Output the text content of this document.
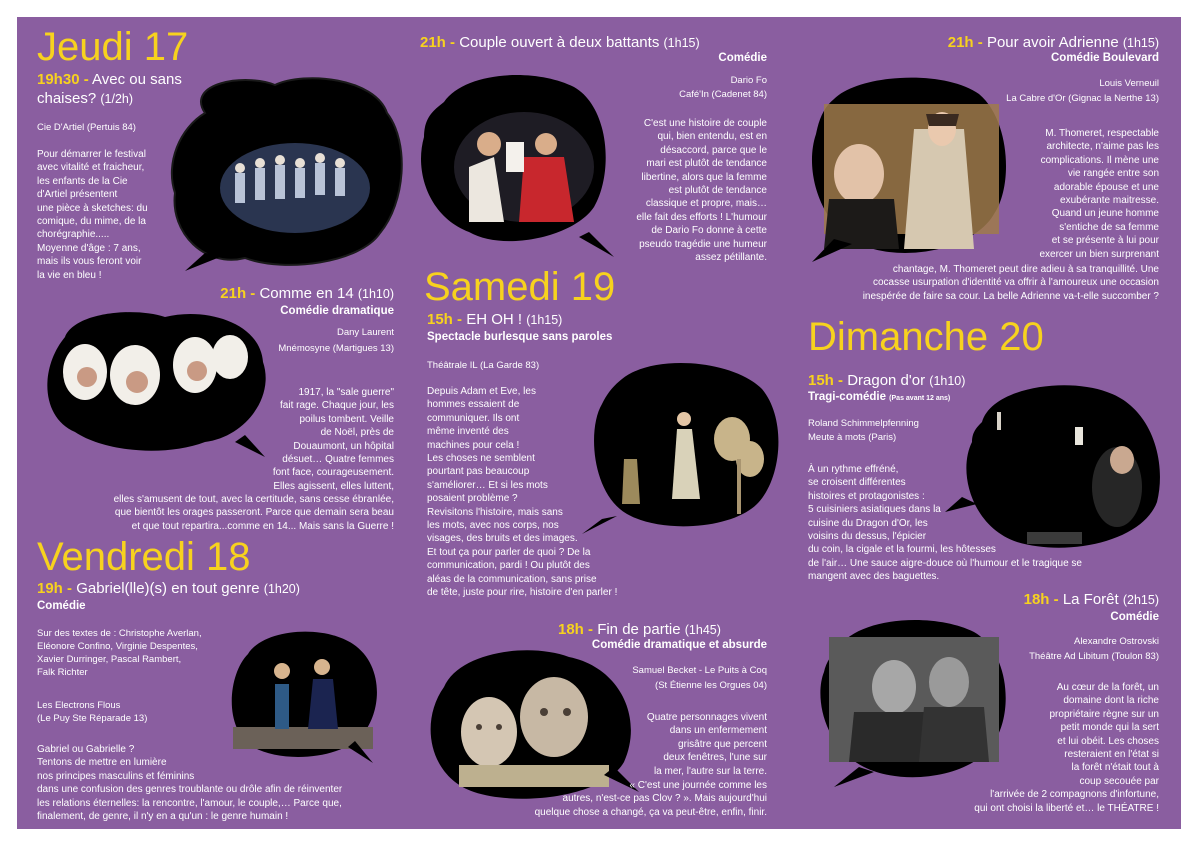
Jeudi 17
19h30 - Avec ou sans
chaises? (1/2h)
Cie D'Artiel (Pertuis 84)
Pour démarrer le festival
avec vitalité et fraicheur,
les enfants de la Cie
d'Artiel présentent
une pièce à sketches: du
comique, du mime, de la
chorégraphie.....
Moyenne d'âge : 7 ans,
mais ils vous feront voir
la vie en bleu !
21h - Comme en 14 (1h10)
Comédie dramatique
Dany Laurent
Mnémosyne (Martigues 13)
1917, la "sale guerre"
fait rage. Chaque jour, les
poilus tombent. Veille
de Noël, près de
Douaumont, un hôpital
désuet… Quatre femmes
font face, courageusement.
Elles agissent, elles luttent,
elles s'amusent de tout, avec la certitude, sans cesse ébranlée,
que bientôt les orages passeront. Parce que demain sera beau
et que tout repartira...comme en 14... Mais sans la Guerre !
Vendredi 18
19h - Gabriel(lle)(s) en tout genre (1h20)
Comédie
Sur des textes de : Christophe Averlan,
Eléonore Confino, Virginie Despentes,
Xavier Durringer, Pascal Rambert,
Falk Richter
Les Electrons Flous
(Le Puy Ste Réparade 13)
Gabriel ou Gabrielle ?
Tentons de mettre en lumière
nos principes masculins et féminins
dans une confusion des genres troublante ou drôle afin de réinventer
les relations éternelles: la rencontre, l'amour, le couple,… Parce que,
finalement, de genre, il n'y en a qu'un : le genre humain !
21h - Couple ouvert à deux battants (1h15)
Comédie
Dario Fo
Café'In (Cadenet 84)
C'est une histoire de couple
qui, bien entendu, est en
désaccord, parce que le
mari est plutôt de tendance
libertine, alors que la femme
est plutôt de tendance
classique et propre, mais…
elle fait des efforts ! L'humour
de Dario Fo donne à cette
pseudo tragédie une humeur
assez pétillante.
Samedi 19
15h - EH OH ! (1h15)
Spectacle burlesque sans paroles
Théâtrale IL (La Garde 83)
Depuis Adam et Eve, les
hommes essaient de
communiquer. Ils ont
même inventé des
machines pour cela !
Les choses ne semblent
pourtant pas beaucoup
s'améliorer… Et si les mots
posaient problème ?
Revisitons l'histoire, mais sans
les mots, avec nos corps, nos
visages, des bruits et des images.
Et tout ça pour parler de quoi ? De la
communication, pardi ! Ou plutôt des
aléas de la communication, sans prise
de tête, juste pour rire, histoire d'en parler !
18h - Fin de partie (1h45)
Comédie dramatique et absurde
Samuel Becket - Le Puits à Coq
(St Étienne les Orgues 04)
Quatre personnages vivent
dans un enfermement
grisâtre que percent
deux fenêtres, l'une sur
la mer, l'autre sur la terre.
« C'est une journée comme les
autres, n'est-ce pas Clov ? ». Mais aujourd'hui
quelque chose a changé, ça va peut-être, enfin, finir.
21h - Pour avoir Adrienne (1h15)
Comédie Boulevard
Louis Verneuil
La Cabre d'Or (Gignac la Nerthe 13)
M. Thomeret, respectable
architecte, n'aime pas les
complications. Il mène une
vie rangée entre son
adorable épouse et une
exubérante maitresse.
Quand un jeune homme
s'entiche de sa femme
et se présente à lui pour
exercer un bien surprenant
chantage, M. Thomeret peut dire adieu à sa tranquillité. Une
cocasse usurpation d'identité va offrir à l'amoureux une occasion
inespérée de faire sa cour. La belle Adrienne va-t-elle succomber ?
Dimanche 20
15h - Dragon d'or (1h10)
Tragi-comédie (Pas avant 12 ans)
Roland Schimmelpfenning
Meute à mots (Paris)
À un rythme effréné,
se croisent différentes
histoires et protagonistes :
5 cuisiniers asiatiques dans la
cuisine du Dragon d'Or, les
voisins du dessus, l'épicier
du coin, la cigale et la fourmi, les hôtesses
de l'air… Une sauce aigre-douce où l'humour et le tragique se
mangent avec des baguettes.
18h - La Forêt (2h15)
Comédie
Alexandre Ostrovski
Théâtre Ad Libitum (Toulon 83)
Au cœur de la forêt, un
domaine dont la riche
propriétaire règne sur un
petit monde qui la sert
et lui obéit. Les choses
resteraient en l'état si
la forêt n'était tout à
coup secouée par
l'arrivée de 2 compagnons d'infortune,
qui ont choisi la liberté et… le THÉATRE !
